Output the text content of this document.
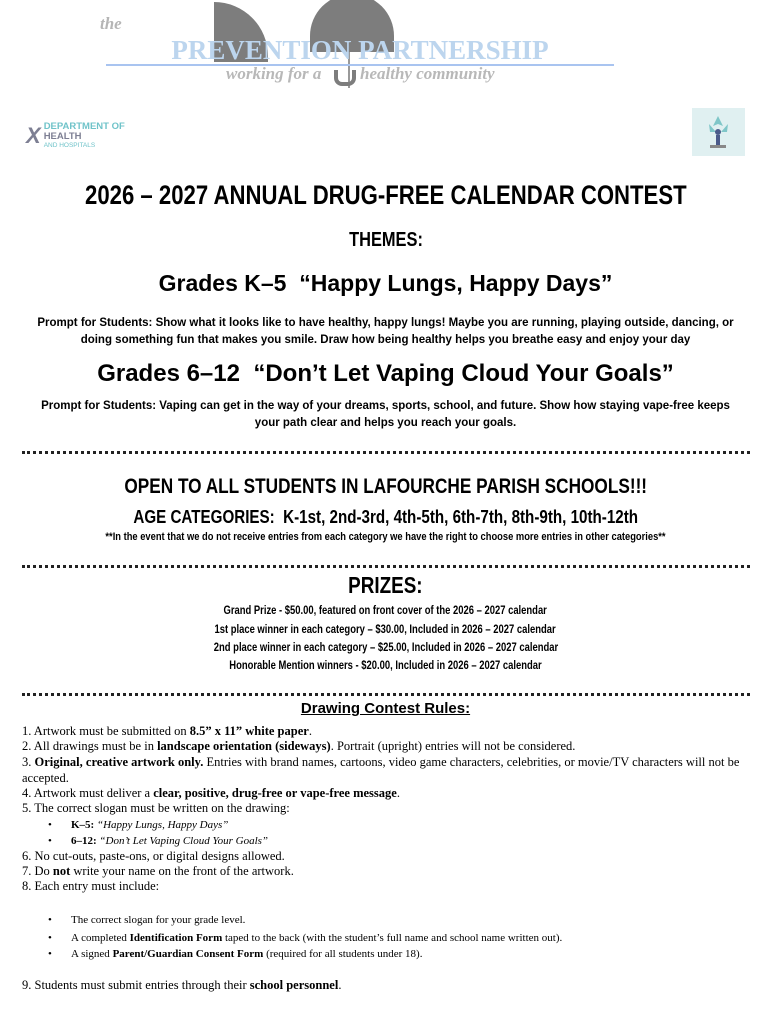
the
PREVENTION PARTNERSHIP
working for a healthy community
X DEPARTMENT OF
HEALTH
AND HOSPITALS
2026 – 2027 ANNUAL DRUG-FREE CALENDAR CONTEST
THEMES:
Grades K–5 “Happy Lungs, Happy Days”
Prompt for Students: Show what it looks like to have healthy, happy lungs! Maybe you are running, playing outside, dancing, or doing something fun that makes you smile. Draw how being healthy helps you breathe easy and enjoy your day
Grades 6–12 “Don’t Let Vaping Cloud Your Goals”
Prompt for Students: Vaping can get in the way of your dreams, sports, school, and future. Show how staying vape-free keeps your path clear and helps you reach your goals.
OPEN TO ALL STUDENTS IN LAFOURCHE PARISH SCHOOLS!!!
AGE CATEGORIES: K-1st, 2nd-3rd, 4th-5th, 6th-7th, 8th-9th, 10th-12th
**In the event that we do not receive entries from each category we have the right to choose more entries in other categories**
PRIZES:
Grand Prize - $50.00, featured on front cover of the 2026 – 2027 calendar
1st place winner in each category – $30.00, Included in 2026 – 2027 calendar
2nd place winner in each category – $25.00, Included in 2026 – 2027 calendar
Honorable Mention winners - $20.00, Included in 2026 – 2027 calendar
Drawing Contest Rules:
1. Artwork must be submitted on 8.5” x 11” white paper.
2. All drawings must be in landscape orientation (sideways). Portrait (upright) entries will not be considered.
3. Original, creative artwork only. Entries with brand names, cartoons, video game characters, celebrities, or movie/TV characters will not be accepted.
4. Artwork must deliver a clear, positive, drug-free or vape-free message.
5. The correct slogan must be written on the drawing:
• K–5: “Happy Lungs, Happy Days”
• 6–12: “Don’t Let Vaping Cloud Your Goals”
6. No cut-outs, paste-ons, or digital designs allowed.
7. Do not write your name on the front of the artwork.
8. Each entry must include:
• The correct slogan for your grade level.
• A completed Identification Form taped to the back (with the student’s full name and school name written out).
• A signed Parent/Guardian Consent Form (required for all students under 18).
9. Students must submit entries through their school personnel.
